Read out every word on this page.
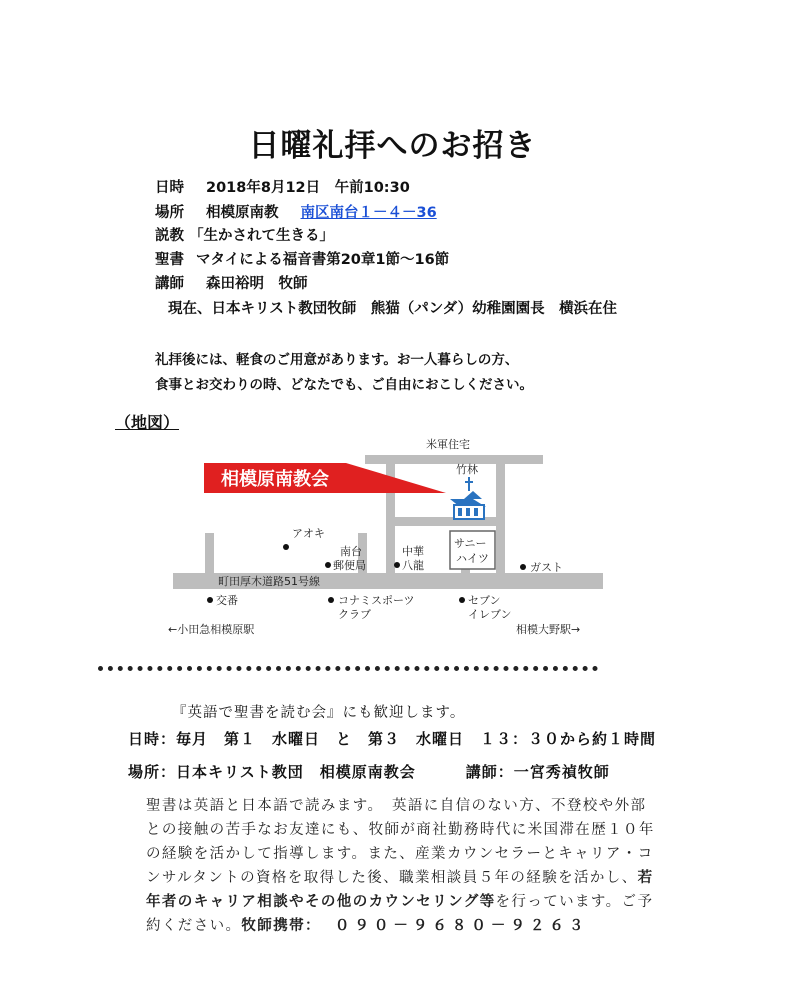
日曜礼拝へのお招き
日時 2018年8月12日　午前10:30
場所 相模原南教 南区南台１－４－36
説教 「生かされて生きる」
聖書 マタイによる福音書第20章1節～16節
講師 森田裕明　牧師
現在、日本キリスト教団牧師　熊猫（パンダ）幼稚園園長　横浜在住
礼拝後には、軽食のご用意があります。お一人暮らしの方、
食事とお交わりの時、どなたでも、ご自由におこしください。
（地図）
町田厚木道路51号線
相模原南教会
米軍住宅
竹林
アオキ
南台
郵便局
中華
八龍
サニー
ハイツ
ガスト
交番	コナミスポーツ
クラブ
セブン
イレブン
←小田急相模原駅	相模大野駅→
『英語で聖書を読む会』にも歓迎します。
日時：毎月　第１　水曜日　と　第３　水曜日　１３：３０から約１時間
場所：日本キリスト教団　相模原南教会	講師：一宮秀禎牧師
聖書は英語と日本語で読みます。　英語に自信のない方、不登校や外部
との接触の苦手なお友達にも、牧師が商社勤務時代に米国滞在歴１０年
の経験を活かして指導します。また、産業カウンセラーとキャリア・コ
ンサルタントの資格を取得した後、職業相談員５年の経験を活かし、若
年者のキャリア相談やその他のカウンセリング等を行っています。ご予
約ください。牧師携帯： ０９０－９６８０－９２６３
